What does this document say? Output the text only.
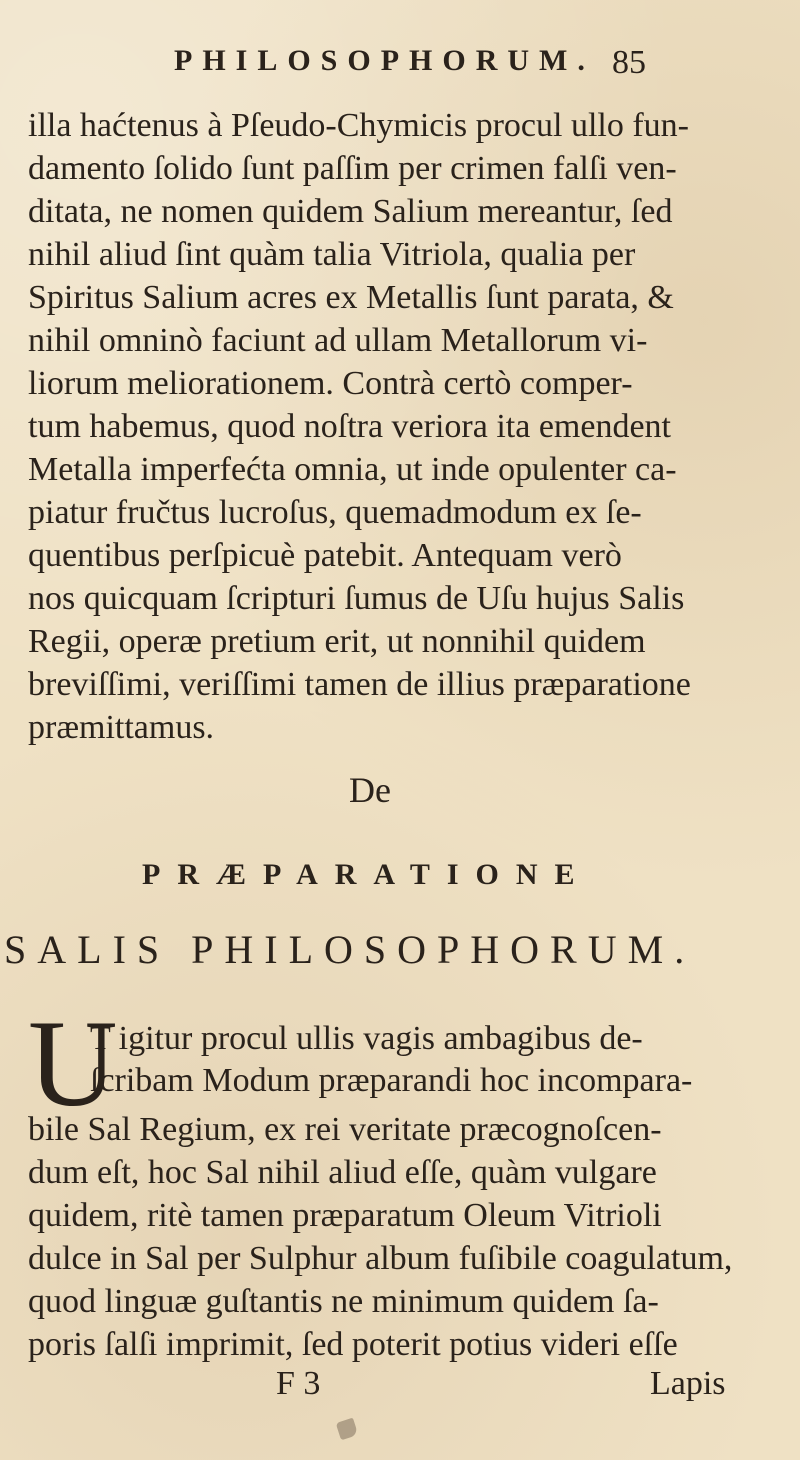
PHILOSOPHORUM. 85
illa haćtenus à Pſeudo-Chymicis procul ullo fun-
damento ſolido ſunt paſſim per crimen falſi ven-
ditata, ne nomen quidem Salium mereantur, ſed
nihil aliud ſint quàm talia Vitriola, qualia per
Spiritus Salium acres ex Metallis ſunt parata, &
nihil omninò faciunt ad ullam Metallorum vi-
liorum meliorationem. Contrà certò comper-
tum habemus, quod noſtra veriora ita emendent
Metalla imperfećta omnia, ut inde opulenter ca-
piatur fručtus lucroſus, quemadmodum ex ſe-
quentibus perſpicuè patebit. Antequam verò
nos quicquam ſcripturi ſumus de Uſu hujus Salis
Regii, operæ pretium erit, ut nonnihil quidem
breviſſimi, veriſſimi tamen de illius præparatione
præmittamus.
De
PRÆPARATIONE
SALIS PHILOSOPHORUM.
U
T igitur procul ullis vagis ambagibus de-
ſcribam Modum præparandi hoc incompara-
bile Sal Regium, ex rei veritate præcognoſcen-
dum eſt, hoc Sal nihil aliud eſſe, quàm vulgare
quidem, ritè tamen præparatum Oleum Vitrioli
dulce in Sal per Sulphur album fuſibile coagulatum,
quod linguæ guſtantis ne minimum quidem ſa-
poris ſalſi imprimit, ſed poterit potius videri eſſe
F 3	Lapis
